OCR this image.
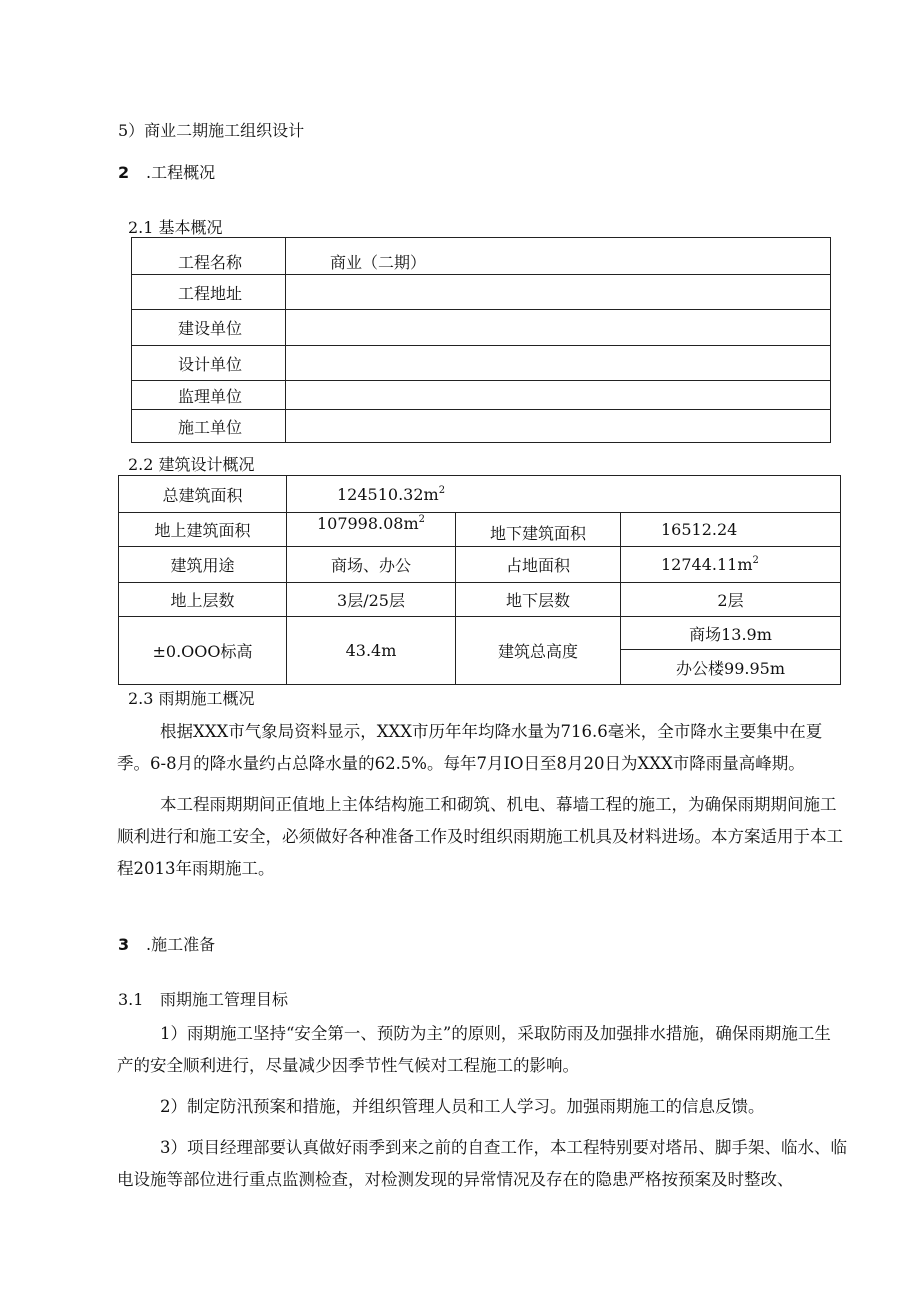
5）商业二期施工组织设计
2 .工程概况
2.1 基本概况
工程名称	商业（二期）
工程地址	
建设单位	
设计单位	
监理单位	
施工单位	
2.2 建筑设计概况
总建筑面积	$124510.32m^2$
地上建筑面积	$107998.08m^2$	地下建筑面积	16512.24
建筑用途	商场、办公	占地面积	$12744.11m^2$
地上层数	3层/25层	地下层数	2层
±0.OOO标高	43.4m	建筑总高度	商场13.9m
			办公楼99.95m
2.3 雨期施工概况

根据XXX市气象局资料显示，XXX市历年年均降水量为716.6毫米，全市降水主要集中在夏季。6-8月的降水量约占总降水量的62.5%。每年7月IO日至8月20日为XXX市降雨量高峰期。

本工程雨期期间正值地上主体结构施工和砌筑、机电、幕墙工程的施工，为确保雨期期间施工顺利进行和施工安全，必须做好各种准备工作及时组织雨期施工机具及材料进场。本方案适用于本工程2013年雨期施工。

3 .施工准备
3.1 雨期施工管理目标

1）雨期施工坚持“安全第一、预防为主”的原则，采取防雨及加强排水措施，确保雨期施工生产的安全顺利进行，尽量减少因季节性气候对工程施工的影响。

2）制定防汛预案和措施，并组织管理人员和工人学习。加强雨期施工的信息反馈。

3）项目经理部要认真做好雨季到来之前的自查工作，本工程特别要对塔吊、脚手架、临水、临电设施等部位进行重点监测检查，对检测发现的异常情况及存在的隐患严格按预案及时整改、
